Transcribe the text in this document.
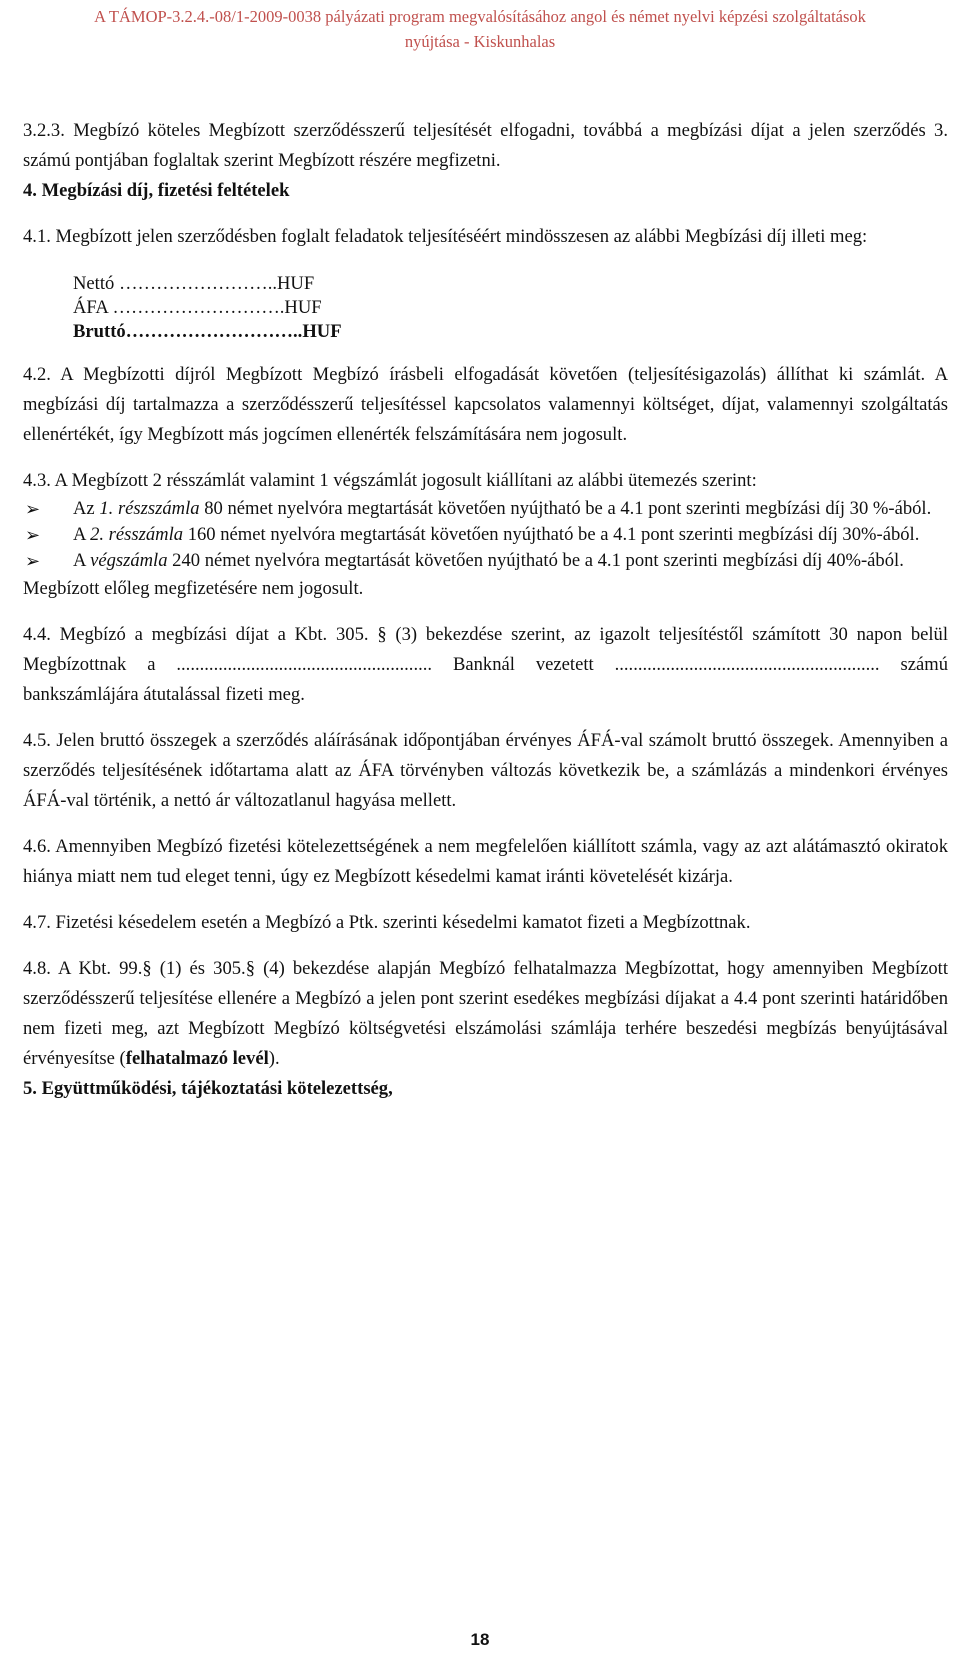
A TÁMOP-3.2.4.-08/1-2009-0038 pályázati program megvalósításához angol és német nyelvi képzési szolgáltatások
nyújtása - Kiskunhalas

3.2.3. Megbízó köteles Megbízott szerződésszerű teljesítését elfogadni, továbbá a megbízási díjat a jelen szerződés 3. számú pontjában foglaltak szerint Megbízott részére megfizetni.

4. Megbízási díj, fizetési feltételek

4.1. Megbízott jelen szerződésben foglalt feladatok teljesítéséért mindösszesen az alábbi Megbízási díj illeti meg:

Nettó ……………………..HUF
ÁFA ……………………….HUF
Bruttó………………………..HUF

4.2. A Megbízotti díjról Megbízott Megbízó írásbeli elfogadását követően (teljesítésigazolás) állíthat ki számlát. A megbízási díj tartalmazza a szerződésszerű teljesítéssel kapcsolatos valamennyi költséget, díjat, valamennyi szolgáltatás ellenértékét, így Megbízott más jogcímen ellenérték felszámítására nem jogosult.

4.3. A Megbízott 2 résszámlát valamint 1 végszámlát jogosult kiállítani az alábbi ütemezés szerint:

➢ Az 1. részszámla 80 német nyelvóra megtartását követően nyújtható be a 4.1 pont szerinti megbízási díj 30 %-ából.
➢ A 2. résszámla 160 német nyelvóra megtartását követően nyújtható be a 4.1 pont szerinti megbízási díj 30%-ából.
➢ A végszámla 240 német nyelvóra megtartását követően nyújtható be a 4.1 pont szerinti megbízási díj 40%-ából.

Megbízott előleg megfizetésére nem jogosult.

4.4. Megbízó a megbízási díjat a Kbt. 305. § (3) bekezdése szerint, az igazolt teljesítéstől számított 30 napon belül Megbízottnak a ....................................................... Banknál vezetett ......................................................... számú bankszámlájára átutalással fizeti meg.

4.5. Jelen bruttó összegek a szerződés aláírásának időpontjában érvényes ÁFÁ-val számolt bruttó összegek. Amennyiben a szerződés teljesítésének időtartama alatt az ÁFA törvényben változás következik be, a számlázás a mindenkori érvényes ÁFÁ-val történik, a nettó ár változatlanul hagyása mellett.

4.6. Amennyiben Megbízó fizetési kötelezettségének a nem megfelelően kiállított számla, vagy az azt alátámasztó okiratok hiánya miatt nem tud eleget tenni, úgy ez Megbízott késedelmi kamat iránti követelését kizárja.

4.7. Fizetési késedelem esetén a Megbízó a Ptk. szerinti késedelmi kamatot fizeti a Megbízottnak.

4.8. A Kbt. 99.§ (1) és 305.§ (4) bekezdése alapján Megbízó felhatalmazza Megbízottat, hogy amennyiben Megbízott szerződésszerű teljesítése ellenére a Megbízó a jelen pont szerint esedékes megbízási díjakat a 4.4 pont szerinti határidőben nem fizeti meg, azt Megbízott Megbízó költségvetési elszámolási számlája terhére beszedési megbízás benyújtásával érvényesítse (felhatalmazó levél).

5. Együttműködési, tájékoztatási kötelezettség,

18
